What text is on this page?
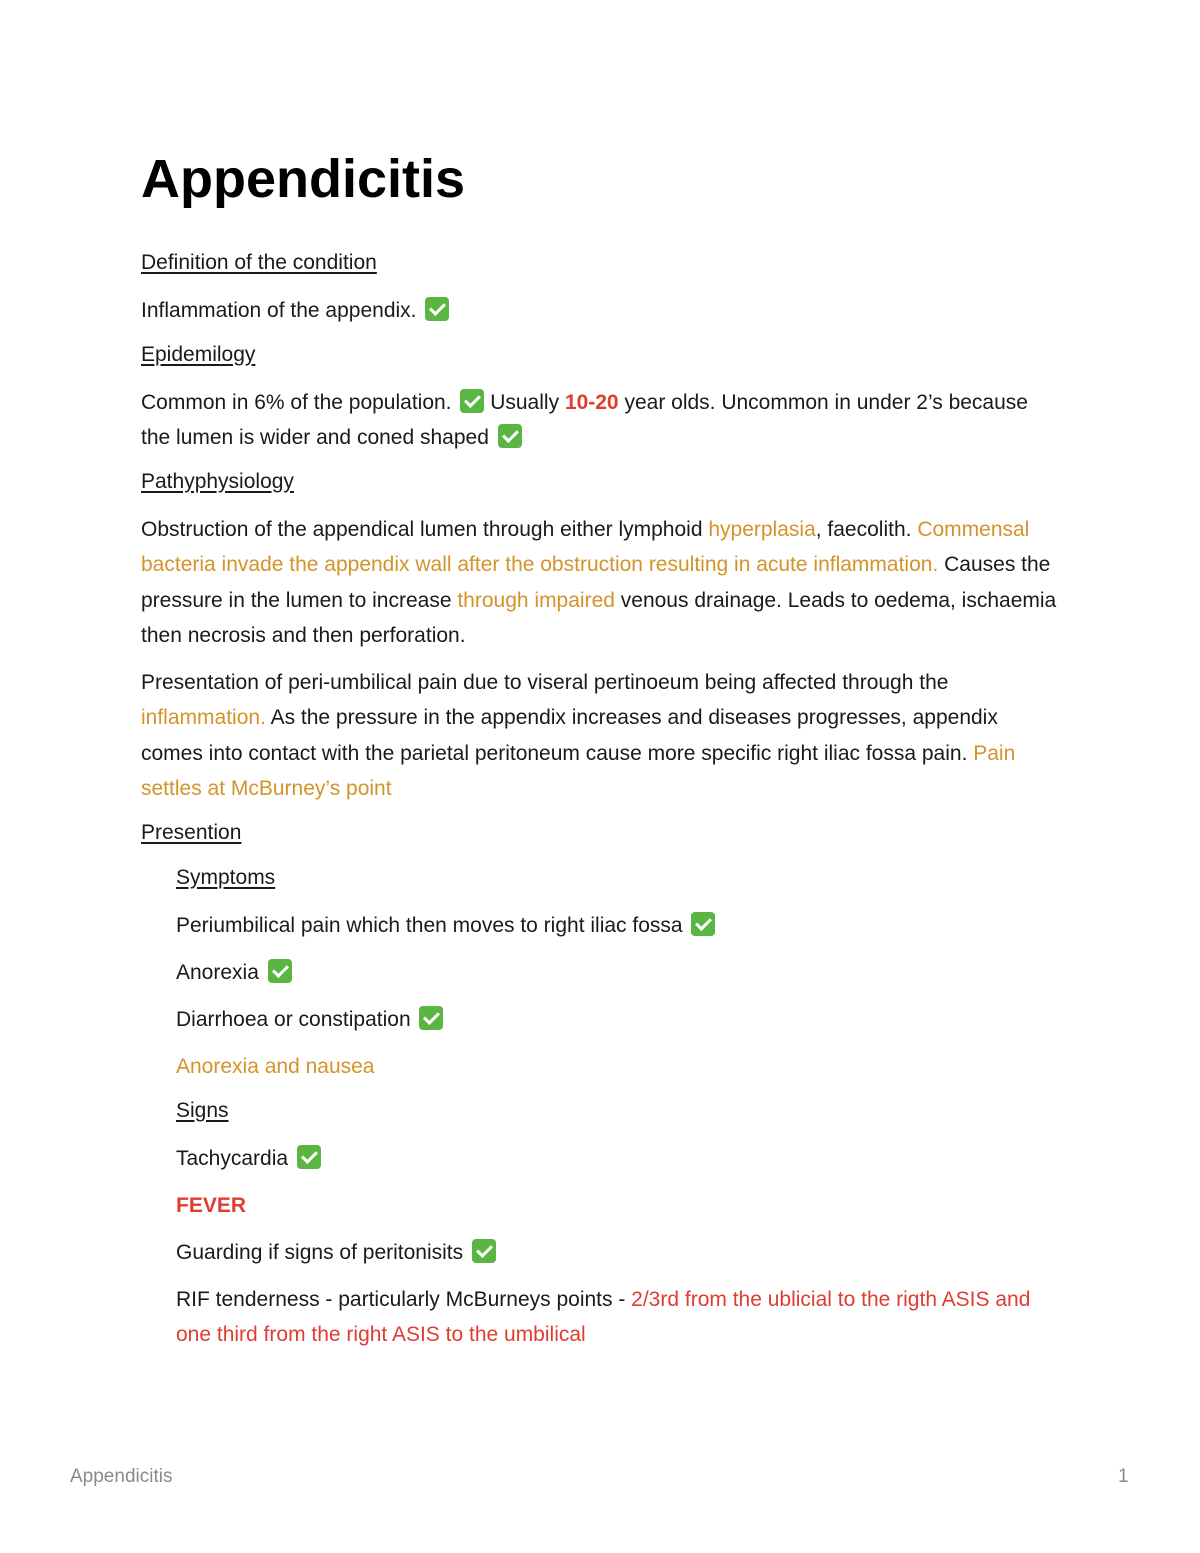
Appendicitis
Definition of the condition

Inflammation of the appendix.

Epidemilogy

Common in 6% of the population.  Usually 10-20 year olds. Uncommon in under 2’s because the lumen is wider and coned shaped

Pathyphysiology

Obstruction of the appendical lumen through either lymphoid hyperplasia, faecolith. Commensal bacteria invade the appendix wall after the obstruction resulting in acute inflammation. Causes the pressure in the lumen to increase through impaired venous drainage. Leads to oedema, ischaemia then necrosis and then perforation.

Presentation of peri-umbilical pain due to viseral pertinoeum being affected through the inflammation. As the pressure in the appendix increases and diseases progresses, appendix comes into contact with the parietal peritoneum cause more specific right iliac fossa pain. Pain settles at McBurney’s point

Presention
Symptoms

Periumbilical pain which then moves to right iliac fossa

Anorexia

Diarrhoea or constipation

Anorexia and nausea

Signs

Tachycardia

FEVER

Guarding if signs of peritonisits

RIF tenderness - particularly McBurneys points - 2/3rd from the ublicial to the rigth ASIS and one third from the right ASIS to the umbilical

Appendicitis	1
